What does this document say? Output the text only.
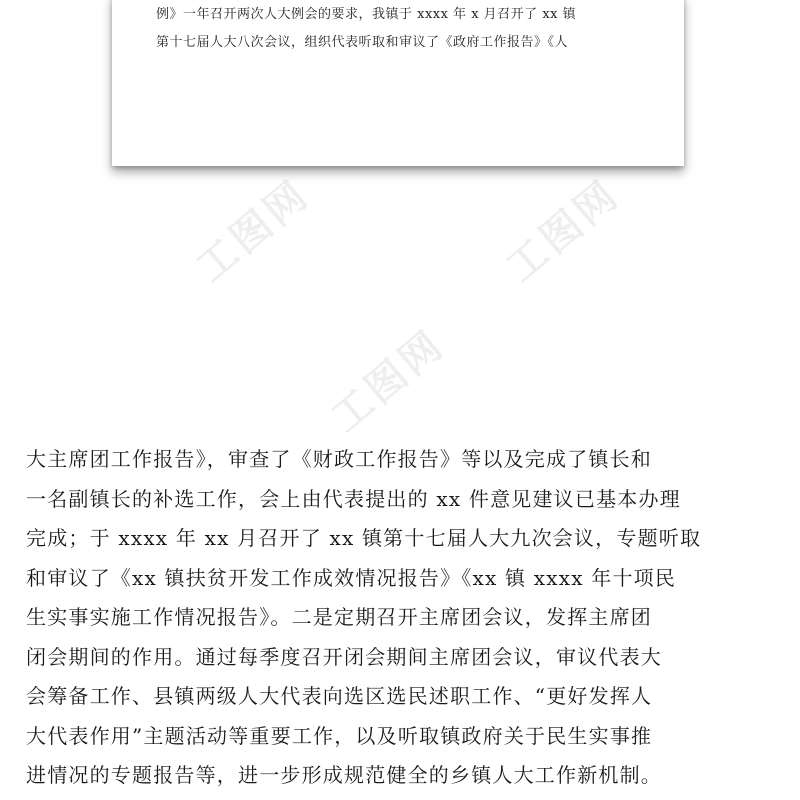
例》一年召开两次人大例会的要求，我镇于 xxxx 年 x 月召开了 xx 镇
第十七届人大八次会议，组织代表听取和审议了《政府工作报告》《人
工图网	工图网
工图网
大主席团工作报告》，审查了《财政工作报告》等以及完成了镇长和
一名副镇长的补选工作，会上由代表提出的 xx 件意见建议已基本办理
完成；于 xxxx 年 xx 月召开了 xx 镇第十七届人大九次会议，专题听取
和审议了《xx 镇扶贫开发工作成效情况报告》《xx 镇 xxxx 年十项民
生实事实施工作情况报告》。二是定期召开主席团会议，发挥主席团
闭会期间的作用。通过每季度召开闭会期间主席团会议，审议代表大
会筹备工作、县镇两级人大代表向选区选民述职工作、“更好发挥人
大代表作用”主题活动等重要工作，以及听取镇政府关于民生实事推
进情况的专题报告等，进一步形成规范健全的乡镇人大工作新机制。
